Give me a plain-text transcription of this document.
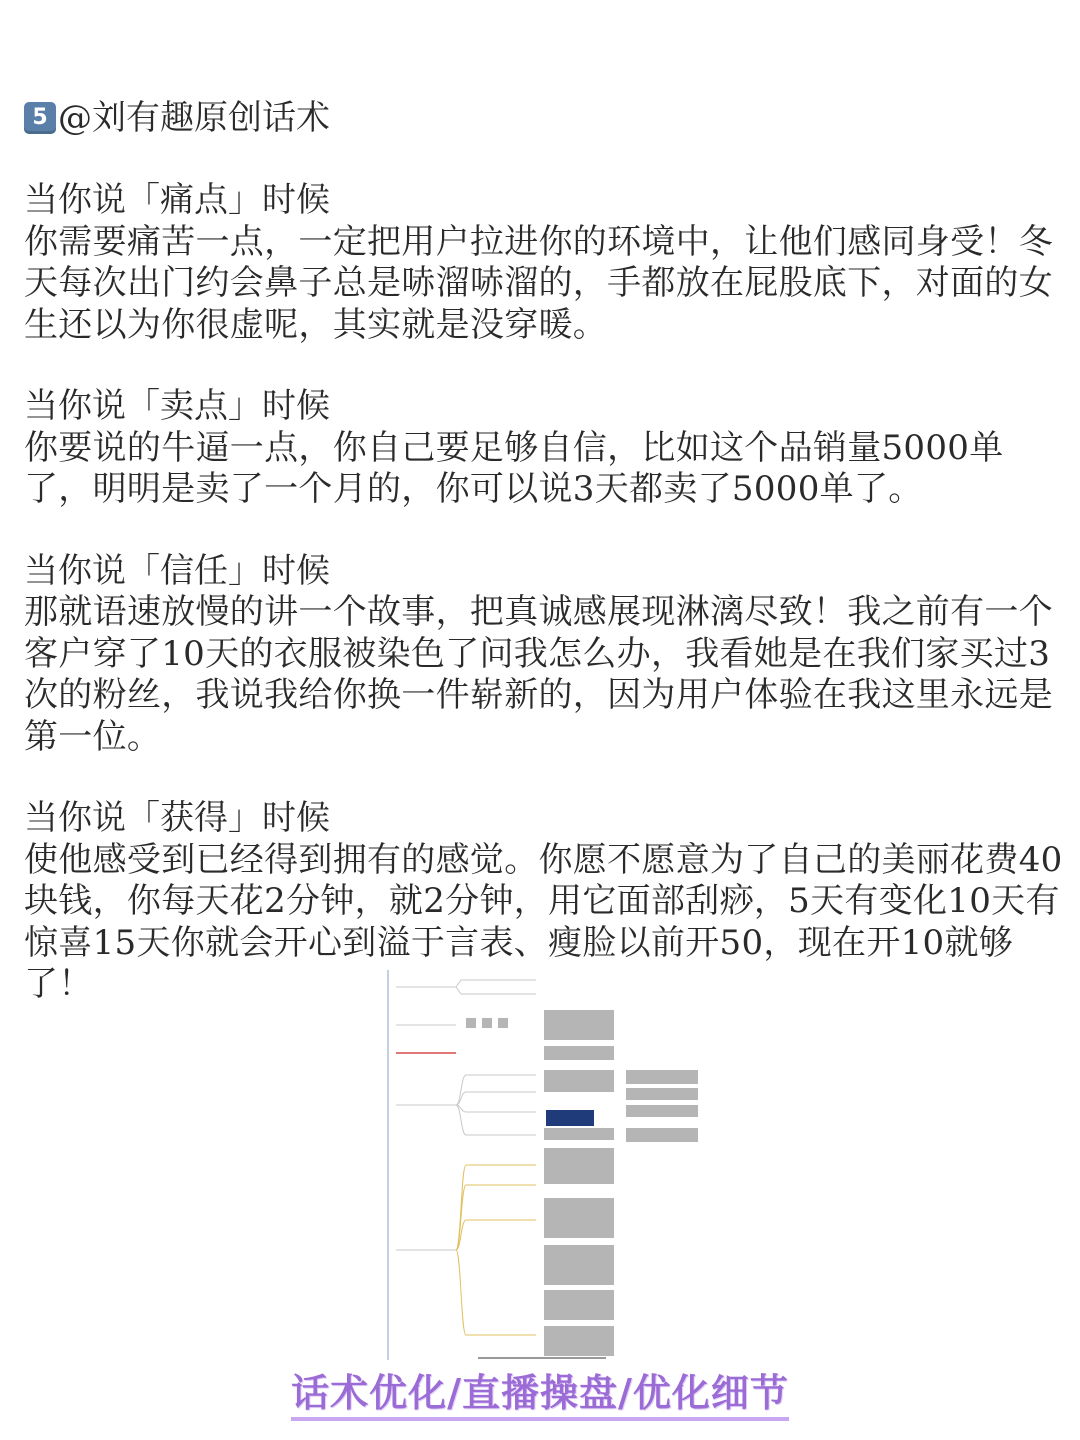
5 @刘有趣原创话术

当你说「痛点」时候

你需要痛苦一点，一定把用户拉进你的环境中，让他们感同身受！冬天每次出门约会鼻子总是哧溜哧溜的，手都放在屁股底下，对面的女生还以为你很虚呢，其实就是没穿暖。

当你说「卖点」时候

你要说的牛逼一点，你自己要足够自信，比如这个品销量5000单了，明明是卖了一个月的，你可以说3天都卖了5000单了。

当你说「信任」时候

那就语速放慢的讲一个故事，把真诚感展现淋漓尽致！我之前有一个客户穿了10天的衣服被染色了问我怎么办，我看她是在我们家买过3次的粉丝，我说我给你换一件崭新的，因为用户体验在我这里永远是第一位。

当你说「获得」时候

使他感受到已经得到拥有的感觉。你愿不愿意为了自己的美丽花费40块钱，你每天花2分钟，就2分钟，用它面部刮痧，5天有变化10天有惊喜15天你就会开心到溢于言表、瘦脸以前开50，现在开10就够了！

话术优化/直播操盘/优化细节
